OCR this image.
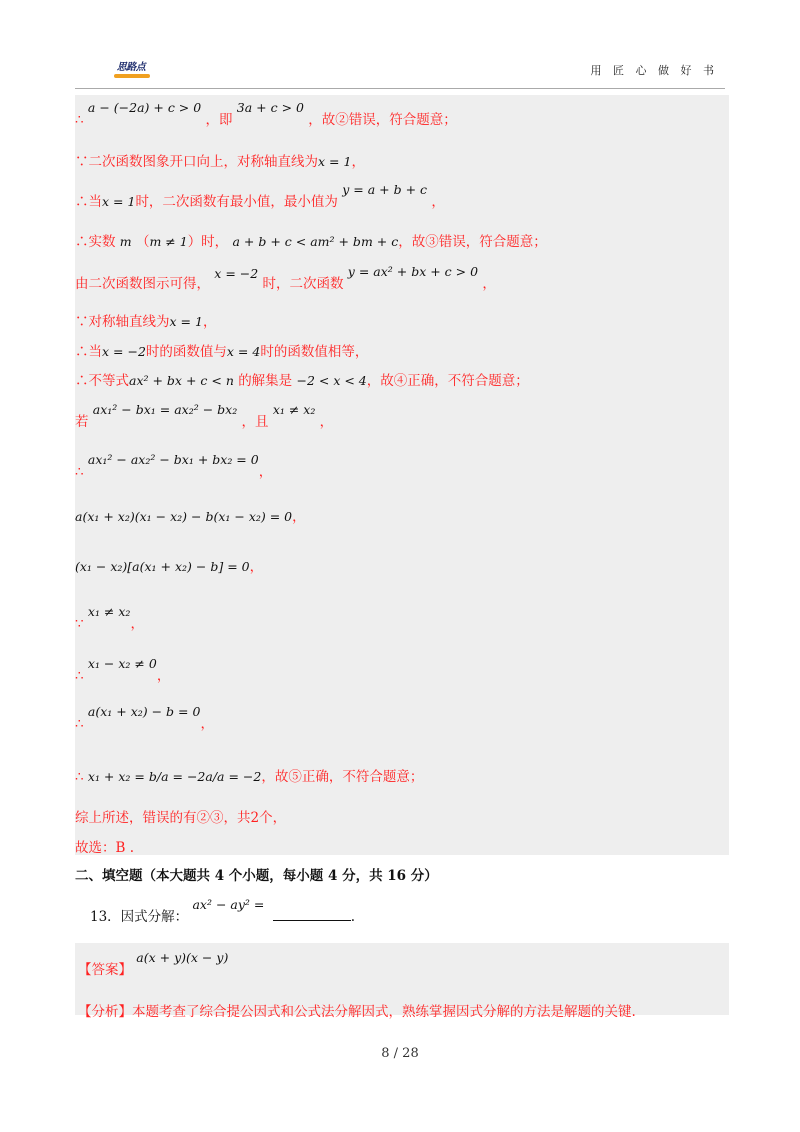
思路点	用 匠 心 做 好 书
∴ a − (−2a) + c > 0 ，即 3a + c > 0 ，故②错误，符合题意；
∵二次函数图象开口向上，对称轴直线为x = 1，
∴当x = 1时，二次函数有最小值，最小值为 y = a + b + c ，
∴实数 m （m ≠ 1）时， a + b + c < am² + bm + c，故③错误，符合题意；
由二次函数图示可得， x = −2 时，二次函数 y = ax² + bx + c > 0 ，
∵对称轴直线为x = 1，
∴当x = −2时的函数值与x = 4时的函数值相等，
∴不等式ax² + bx + c < n 的解集是 −2 < x < 4，故④正确，不符合题意；
若 ax₁² − bx₁ = ax₂² − bx₂ ，且 x₁ ≠ x₂ ，
∴ ax₁² − ax₂² − bx₁ + bx₂ = 0，
a(x₁ + x₂)(x₁ − x₂) − b(x₁ − x₂) = 0，
(x₁ − x₂)[a(x₁ + x₂) − b] = 0，
∵ x₁ ≠ x₂，
∴ x₁ − x₂ ≠ 0，
∴ a(x₁ + x₂) − b = 0，
∴ x₁ + x₂ = b/a = −2a/a = −2，故⑤正确，不符合题意；
综上所述，错误的有②③，共2个，
故选：B .
二、填空题（本大题共 4 个小题，每小题 4 分，共 16 分）
13．因式分解： ax² − ay² = .
【答案】 a(x + y)(x − y)
【分析】本题考查了综合提公因式和公式法分解因式，熟练掌握因式分解的方法是解题的关键.
8 / 28
